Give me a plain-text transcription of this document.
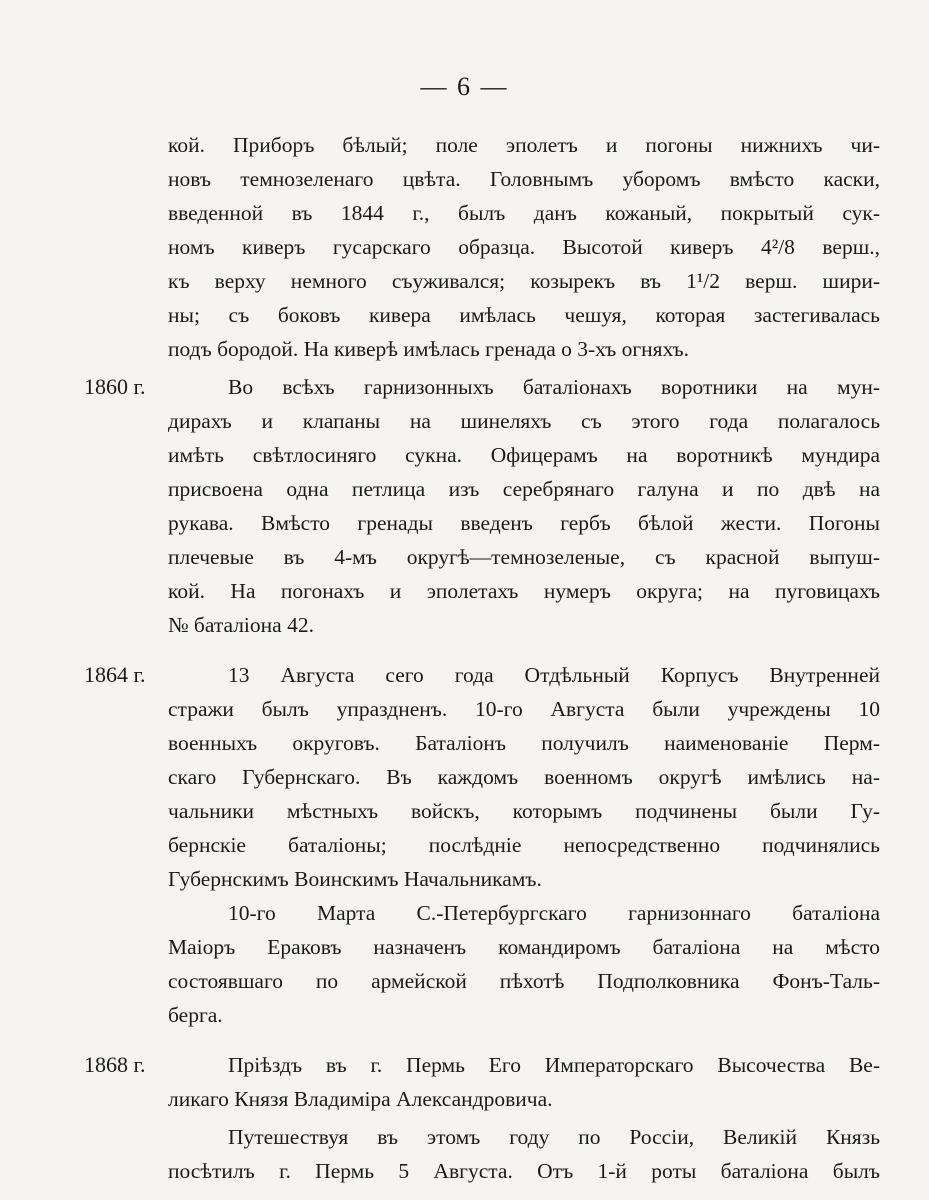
— 6 —
кой. Приборъ бѣлый; поле эполетъ и погоны нижнихъ чи-
новъ темнозеленаго цвѣта. Головнымъ уборомъ вмѣсто каски,
введенной въ 1844 г., былъ данъ кожаный, покрытый сук-
номъ киверъ гусарскаго образца. Высотой киверъ 4²/8 верш.,
къ верху немного съуживался; козырекъ въ 1¹/2 верш. шири-
ны; съ боковъ кивера имѣлась чешуя, которая застегивалась
подъ бородой. На киверѣ имѣлась гренада о 3-хъ огняхъ.
1860 г.	Во всѣхъ гарнизонныхъ баталіонахъ воротники на мун-
дирахъ и клапаны на шинеляхъ съ этого года полагалось
имѣть свѣтлосиняго сукна. Офицерамъ на воротникѣ мундира
присвоена одна петлица изъ серебрянаго галуна и по двѣ на
рукава. Вмѣсто гренады введенъ гербъ бѣлой жести. Погоны
плечевые въ 4-мъ округѣ—темнозеленые, съ красной выпуш-
кой. На погонахъ и эполетахъ нумеръ округа; на пуговицахъ
№ баталіона 42.
1864 г.	13 Августа сего года Отдѣльный Корпусъ Внутренней
стражи былъ упраздненъ. 10-го Августа были учреждены 10
военныхъ округовъ. Баталіонъ получилъ наименованіе Перм-
скаго Губернскаго. Въ каждомъ военномъ округѣ имѣлись на-
чальники мѣстныхъ войскъ, которымъ подчинены были Гу-
бернскіе баталіоны; послѣдніе непосредственно подчинялись
Губернскимъ Воинскимъ Начальникамъ.
10-го Марта С.-Петербургскаго гарнизоннаго баталіона
Маіоръ Ераковъ назначенъ командиромъ баталіона на мѣсто
состоявшаго по армейской пѣхотѣ Подполковника Фонъ-Таль-
берга.
1868 г.	Пріѣздъ въ г. Пермь Его Императорскаго Высочества Ве-
ликаго Князя Владиміра Александровича.
Путешествуя въ этомъ году по Россіи, Великій Князь
посѣтилъ г. Пермь 5 Августа. Отъ 1-й роты баталіона былъ
